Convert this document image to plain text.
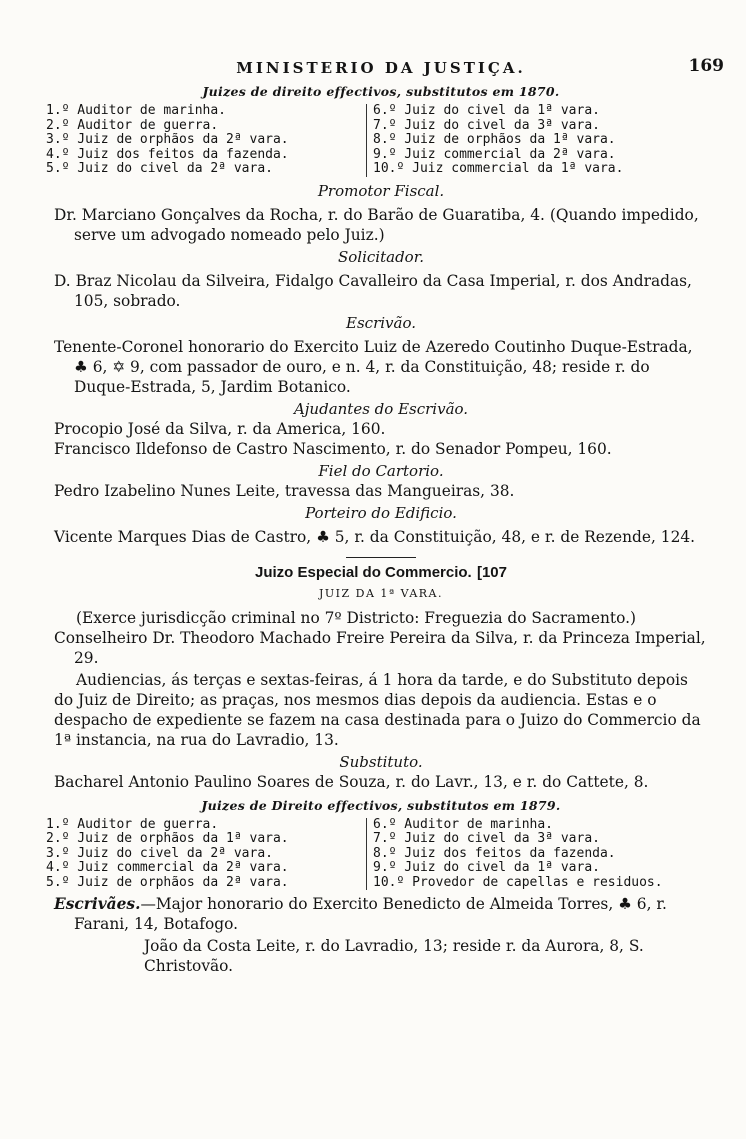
MINISTERIO DA JUSTIÇA.	169

Juizes de direito effectivos, substitutos em 1870.

1.º Auditor de marinha.
2.º Auditor de guerra.
3.º Juiz de orphãos da 2ª vara.
4.º Juiz dos feitos da fazenda.
5.º Juiz do civel da 2ª vara.
6.º Juiz do civel da 1ª vara.
7.º Juiz do civel da 3ª vara.
8.º Juiz de orphãos da 1ª vara.
9.º Juiz commercial da 2ª vara.
10.º Juiz commercial da 1ª vara.

Promotor Fiscal.

Dr. Marciano Gonçalves da Rocha, r. do Barão de Guaratiba, 4. (Quando impedido, serve um advogado nomeado pelo Juiz.)

Solicitador.

D. Braz Nicolau da Silveira, Fidalgo Cavalleiro da Casa Imperial, r. dos Andradas, 105, sobrado.

Escrivão.

Tenente-Coronel honorario do Exercito Luiz de Azeredo Coutinho Duque-Estrada, ♣ 6, ✡ 9, com passador de ouro, e n. 4, r. da Constituição, 48; reside r. do Duque-Estrada, 5, Jardim Botanico.

Ajudantes do Escrivão.

Procopio José da Silva, r. da America, 160.

Francisco Ildefonso de Castro Nascimento, r. do Senador Pompeu, 160.

Fiel do Cartorio.

Pedro Izabelino Nunes Leite, travessa das Mangueiras, 38.

Porteiro do Edificio.

Vicente Marques Dias de Castro, ♣ 5, r. da Constituição, 48, e r. de Rezende, 124.

Juizo Especial do Commercio. [107

JUIZ DA 1ª VARA.

(Exerce jurisdicção criminal no 7º Districto: Freguezia do Sacramento.)

Conselheiro Dr. Theodoro Machado Freire Pereira da Silva, r. da Princeza Imperial, 29.

Audiencias, ás terças e sextas-feiras, á 1 hora da tarde, e do Substituto depois do Juiz de Direito; as praças, nos mesmos dias depois da audiencia. Estas e o despacho de expediente se fazem na casa destinada para o Juizo do Commercio da 1ª instancia, na rua do Lavradio, 13.

Substituto.

Bacharel Antonio Paulino Soares de Souza, r. do Lavr., 13, e r. do Cattete, 8.

Juizes de Direito effectivos, substitutos em 1879.

1.º Auditor de guerra.
2.º Juiz de orphãos da 1ª vara.
3.º Juiz do civel da 2ª vara.
4.º Juiz commercial da 2ª vara.
5.º Juiz de orphãos da 2ª vara.
6.º Auditor de marinha.
7.º Juiz do civel da 3ª vara.
8.º Juiz dos feitos da fazenda.
9.º Juiz do civel da 1ª vara.
10.º Provedor de capellas e residuos.

Escrivães.—Major honorario do Exercito Benedicto de Almeida Torres, ♣ 6, r. Farani, 14, Botafogo.

João da Costa Leite, r. do Lavradio, 13; reside r. da Aurora, 8, S. Christovão.
